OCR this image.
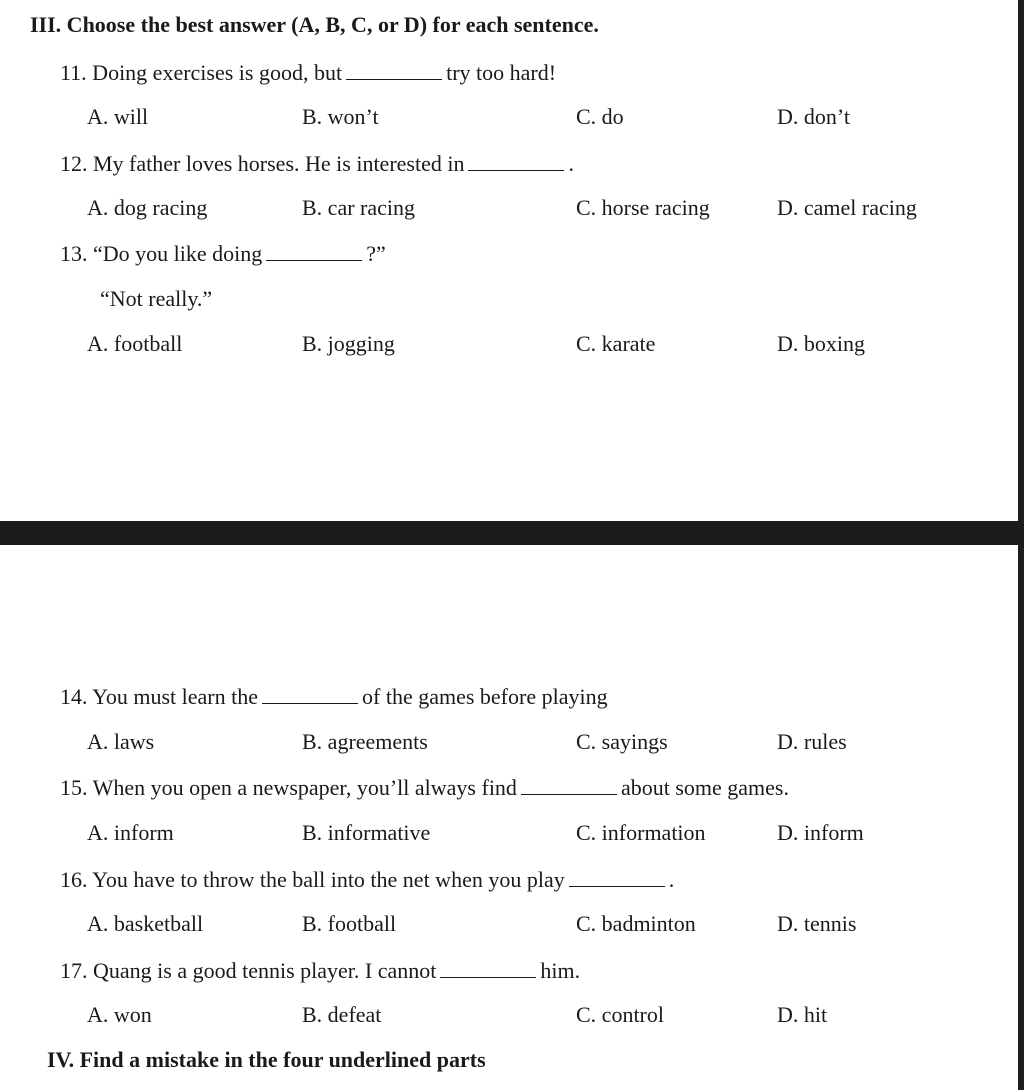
III. Choose the best answer (A, B, C, or D) for each sentence.
11. Doing exercises is good, but	try too hard!
A. will	B. won’t	C. do	D. don’t
12. My father loves horses. He is interested in	.
A. dog racing	B. car racing	C. horse racing	D. camel racing
13. “Do you like doing	?”
“Not really.”
A. football	B. jogging	C. karate	D. boxing
14. You must learn the	of the games before playing
A. laws	B. agreements	C. sayings	D. rules
15. When you open a newspaper, you’ll always find	about some games.
A. inform	B. informative	C. information	D. inform
16. You have to throw the ball into the net when you play	.
A. basketball	B. football	C. badminton	D. tennis
17. Quang is a good tennis player. I cannot	him.
A. won	B. defeat	C. control	D. hit
IV. Find a mistake in the four underlined parts
